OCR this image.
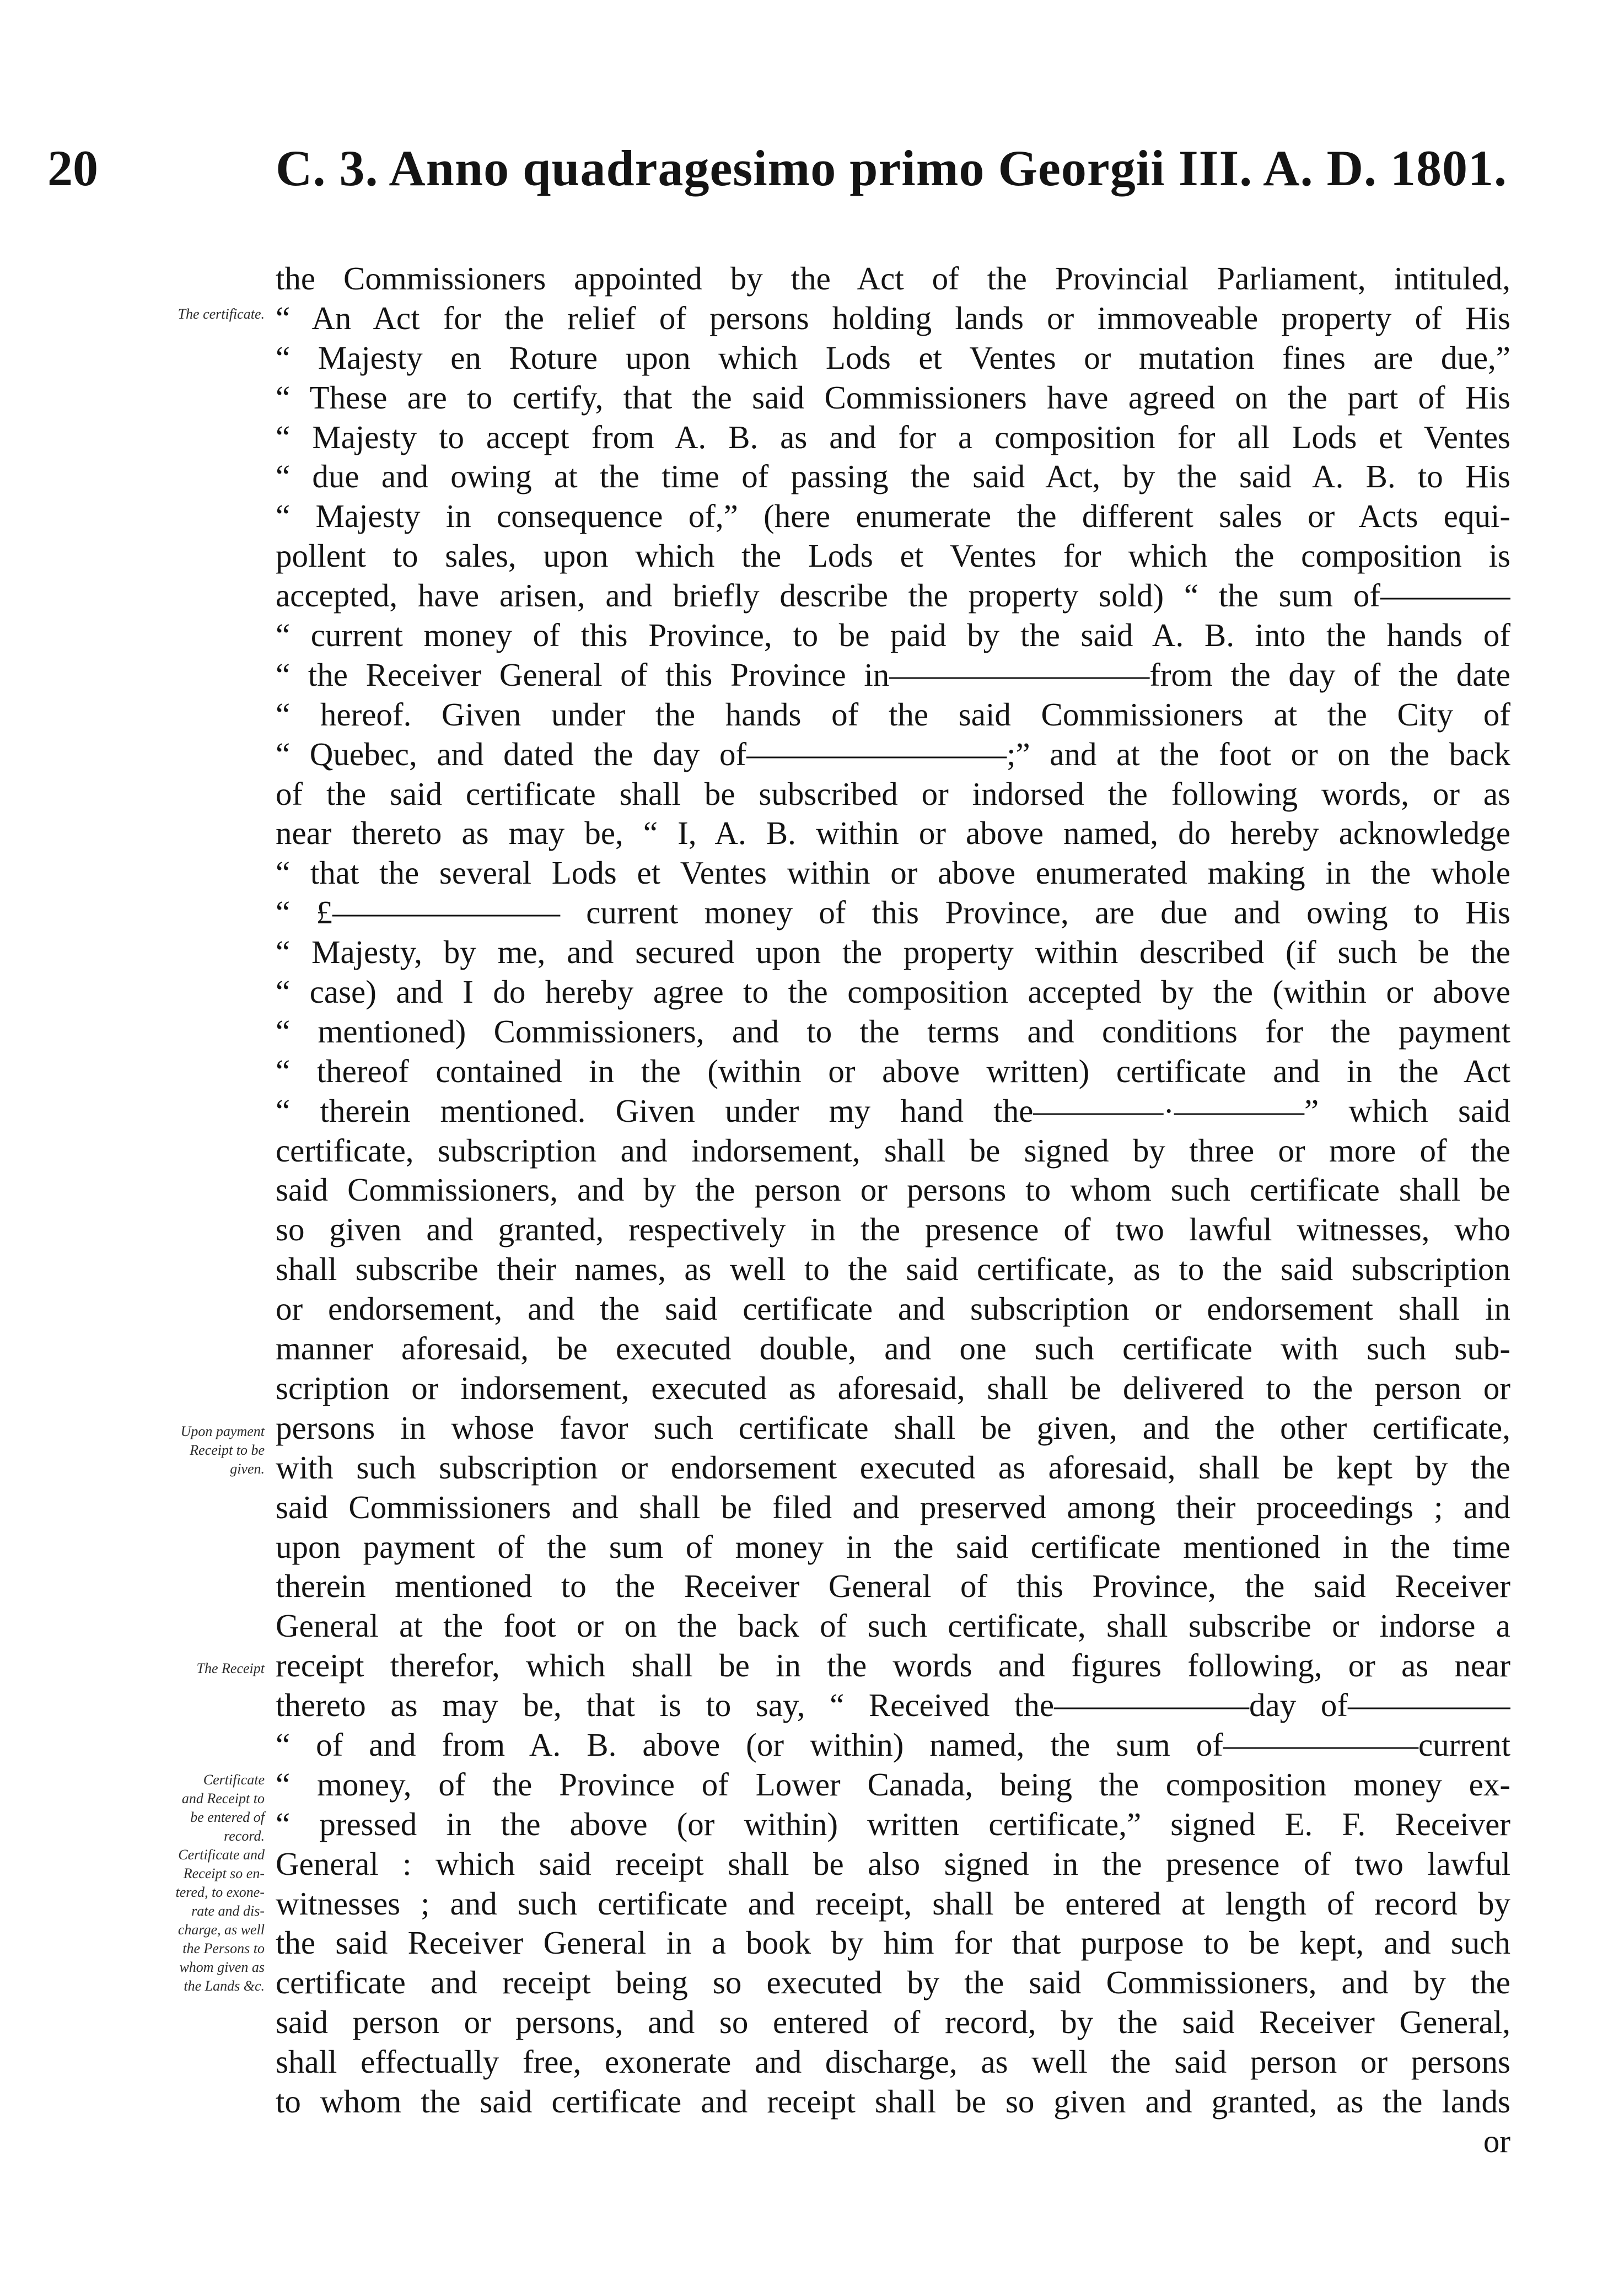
20	C. 3. Anno quadragesimo primo Georgii III. A. D. 1801.
The certificate.
Upon payment
Receipt to be
given.
The Receipt
Certificate
and Receipt to
be entered of
record.
Certificate and
Receipt so en-
tered, to exone-
rate and dis-
charge, as well
the Persons to
whom given as
the Lands &c.
the Commissioners appointed by the Act of the Provincial Parliament, intituled,
“ An Act for the relief of persons holding lands or immoveable property of His
“ Majesty en Roture upon which Lods et Ventes or mutation fines are due,”
“ These are to certify, that the said Commissioners have agreed on the part of His
“ Majesty to accept from A. B. as and for a composition for all Lods et Ventes
“ due and owing at the time of passing the said Act, by the said A. B. to His
“ Majesty in consequence of,” (here enumerate the different sales or Acts equi-
pollent to sales, upon which the Lods et Ventes for which the composition is
accepted, have arisen, and briefly describe the property sold) “ the sum of————
“ current money of this Province, to be paid by the said A. B. into the hands of
“ the Receiver General of this Province in————————from the day of the date
“ hereof. Given under the hands of the said Commissioners at the City of
“ Quebec, and dated the day of————————;” and at the foot or on the back
of the said certificate shall be subscribed or indorsed the following words, or as
near thereto as may be, “ I, A. B. within or above named, do hereby acknowledge
“ that the several Lods et Ventes within or above enumerated making in the whole
“ £——————— current money of this Province, are due and owing to His
“ Majesty, by me, and secured upon the property within described (if such be the
“ case) and I do hereby agree to the composition accepted by the (within or above
“ mentioned) Commissioners, and to the terms and conditions for the payment
“ thereof contained in the (within or above written) certificate and in the Act
“ therein mentioned. Given under my hand the————·————” which said
certificate, subscription and indorsement, shall be signed by three or more of the
said Commissioners, and by the person or persons to whom such certificate shall be
so given and granted, respectively in the presence of two lawful witnesses, who
shall subscribe their names, as well to the said certificate, as to the said subscription
or endorsement, and the said certificate and subscription or endorsement shall in
manner aforesaid, be executed double, and one such certificate with such sub-
scription or indorsement, executed as aforesaid, shall be delivered to the person or
persons in whose favor such certificate shall be given, and the other certificate,
with such subscription or endorsement executed as aforesaid, shall be kept by the
said Commissioners and shall be filed and preserved among their proceedings ; and
upon payment of the sum of money in the said certificate mentioned in the time
therein mentioned to the Receiver General of this Province, the said Receiver
General at the foot or on the back of such certificate, shall subscribe or indorse a
receipt therefor, which shall be in the words and figures following, or as near
thereto as may be, that is to say, “ Received the——————day of—————
“ of and from A. B. above (or within) named, the sum of——————current
“ money, of the Province of Lower Canada, being the composition money ex-
“ pressed in the above (or within) written certificate,” signed E. F. Receiver
General : which said receipt shall be also signed in the presence of two lawful
witnesses ; and such certificate and receipt, shall be entered at length of record by
the said Receiver General in a book by him for that purpose to be kept, and such
certificate and receipt being so executed by the said Commissioners, and by the
said person or persons, and so entered of record, by the said Receiver General,
shall effectually free, exonerate and discharge, as well the said person or persons
to whom the said certificate and receipt shall be so given and granted, as the lands
or
